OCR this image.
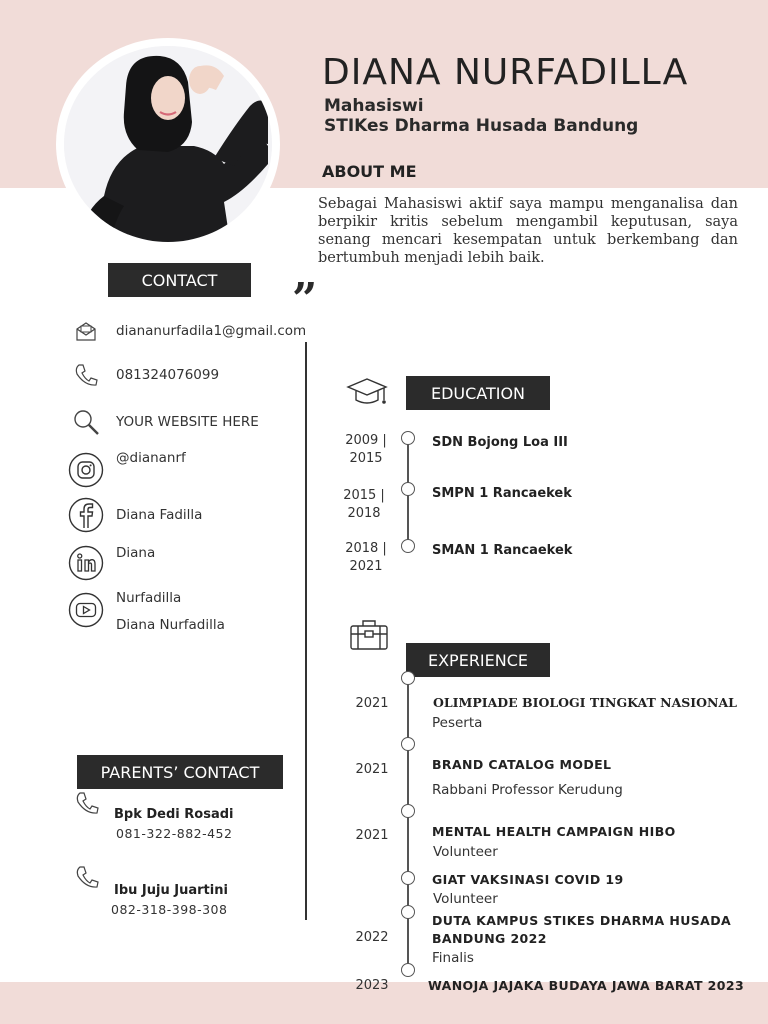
DIANA NURFADILLA
Mahasiswi
STIKes Dharma Husada Bandung
ABOUT ME
Sebagai Mahasiswi aktif saya mampu menganalisa dan berpikir kritis sebelum mengambil keputusan, saya senang mencari kesempatan untuk berkembang dan bertumbuh menjadi lebih baik.
CONTACT	”
diananurfadila1@gmail.com
081324076099
YOUR WEBSITE HERE
@diananrf
Diana Fadilla
Diana
Nurfadilla
Diana Nurfadilla
PARENTS’ CONTACT
Bpk Dedi Rosadi
081-322-882-452
Ibu Juju Juartini
082-318-398-308
EDUCATION
2009 |
2015
SDN Bojong Loa III
2015 |
2018
SMPN 1 Rancaekek
2018 |
2021
SMAN 1 Rancaekek
EXPERIENCE
2021	OLIMPIADE BIOLOGI TINGKAT NASIONAL
Peserta
2021	BRAND CATALOG MODEL
Rabbani Professor Kerudung
2021	MENTAL HEALTH CAMPAIGN HIBO
Volunteer
GIAT VAKSINASI COVID 19
Volunteer
2022
DUTA KAMPUS STIKES DHARMA HUSADA BANDUNG 2022
Finalis
2023	WANOJA JAJAKA BUDAYA JAWA BARAT 2023
